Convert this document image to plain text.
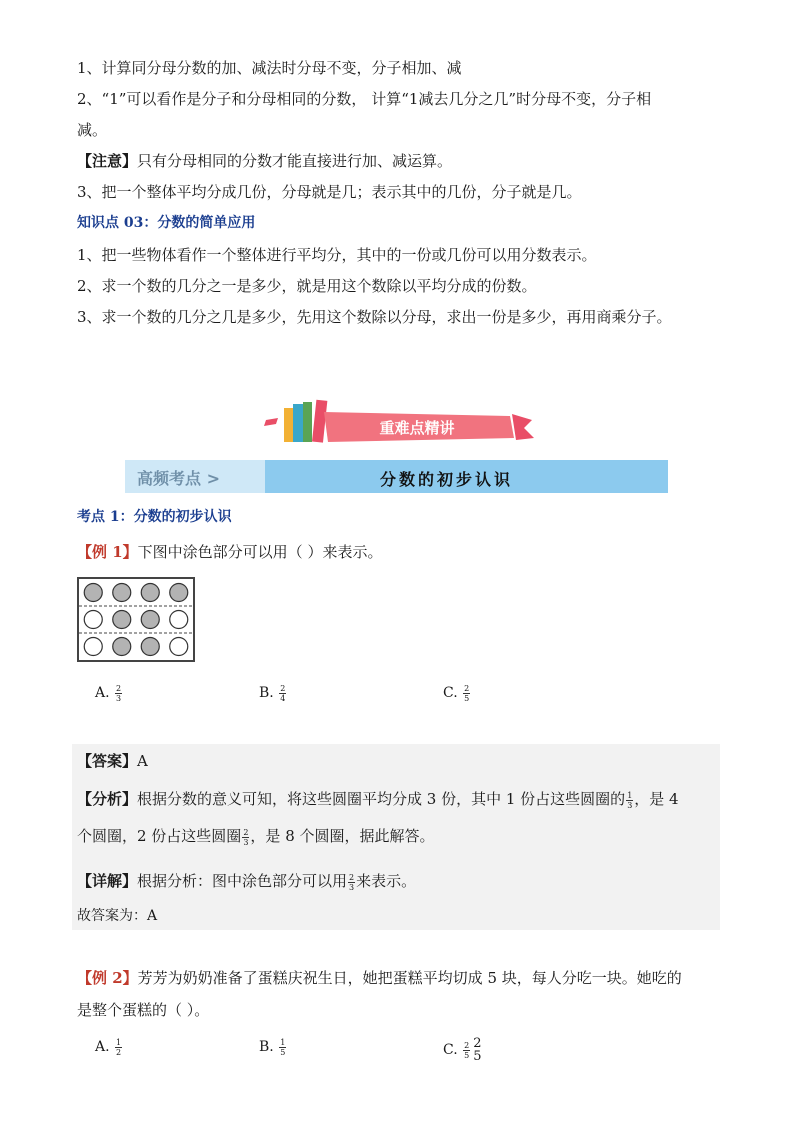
1、计算同分母分数的加、减法时分母不变，分子相加、减
2、“1”可以看作是分子和分母相同的分数， 计算“1减去几分之几”时分母不变，分子相
减。
【注意】只有分母相同的分数才能直接进行加、减运算。
3、把一个整体平均分成几份，分母就是几；表示其中的几份，分子就是几。
知识点 03：分数的简单应用
1、把一些物体看作一个整体进行平均分，其中的一份或几份可以用分数表示。
2、求一个数的几分之一是多少，就是用这个数除以平均分成的份数。
3、求一个数的几分之几是多少，先用这个数除以分母，求出一份是多少，再用商乘分子。
重难点精讲
高频考点 >	分数的初步认识
考点 1：分数的初步认识
【例 1】下图中涂色部分可以用（ ）来表示。
A. $\frac{2}{3}$	B. $\frac{2}{4}$	C. $\frac{2}{5}$
【答案】A
【分析】根据分数的意义可知，将这些圆圈平均分成 3 份，其中 1 份占这些圆圈的 $\frac{1}{3}$ ，是 4
个圆圈，2 份占这些圆圈 $\frac{2}{3}$ ，是 8 个圆圈，据此解答。
【详解】根据分析：图中涂色部分可以用 $\frac{2}{3}$ 来表示。
故答案为：A
【例 2】芳芳为奶奶准备了蛋糕庆祝生日，她把蛋糕平均切成 5 块，每人分吃一块。她吃的
是整个蛋糕的（ ）。
A. $\frac{1}{2}$	B. $\frac{1}{5}$	C. $\frac{2}{5} 2$
5
